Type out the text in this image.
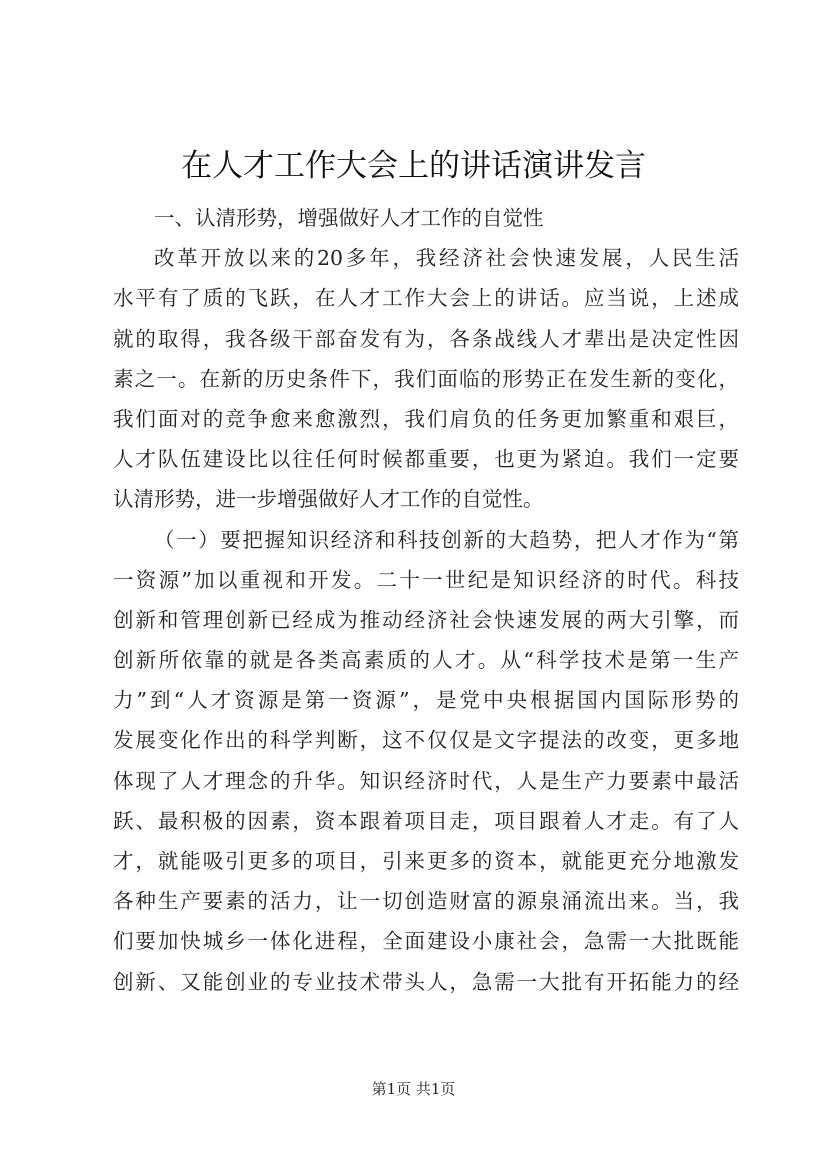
在人才工作大会上的讲话演讲发言
一、认清形势，增强做好人才工作的自觉性
改革开放以来的20多年，我经济社会快速发展，人民生活
水平有了质的飞跃，在人才工作大会上的讲话。应当说，上述成
就的取得，我各级干部奋发有为，各条战线人才辈出是决定性因
素之一。在新的历史条件下，我们面临的形势正在发生新的变化，
我们面对的竞争愈来愈激烈，我们肩负的任务更加繁重和艰巨，
人才队伍建设比以往任何时候都重要，也更为紧迫。我们一定要
认清形势，进一步增强做好人才工作的自觉性。
（一）要把握知识经济和科技创新的大趋势，把人才作为“第
一资源”加以重视和开发。二十一世纪是知识经济的时代。科技
创新和管理创新已经成为推动经济社会快速发展的两大引擎，而
创新所依靠的就是各类高素质的人才。从“科学技术是第一生产
力”到“人才资源是第一资源”，是党中央根据国内国际形势的
发展变化作出的科学判断，这不仅仅是文字提法的改变，更多地
体现了人才理念的升华。知识经济时代，人是生产力要素中最活
跃、最积极的因素，资本跟着项目走，项目跟着人才走。有了人
才，就能吸引更多的项目，引来更多的资本，就能更充分地激发
各种生产要素的活力，让一切创造财富的源泉涌流出来。当，我
们要加快城乡一体化进程，全面建设小康社会，急需一大批既能
创新、又能创业的专业技术带头人，急需一大批有开拓能力的经
第1页 共1页
